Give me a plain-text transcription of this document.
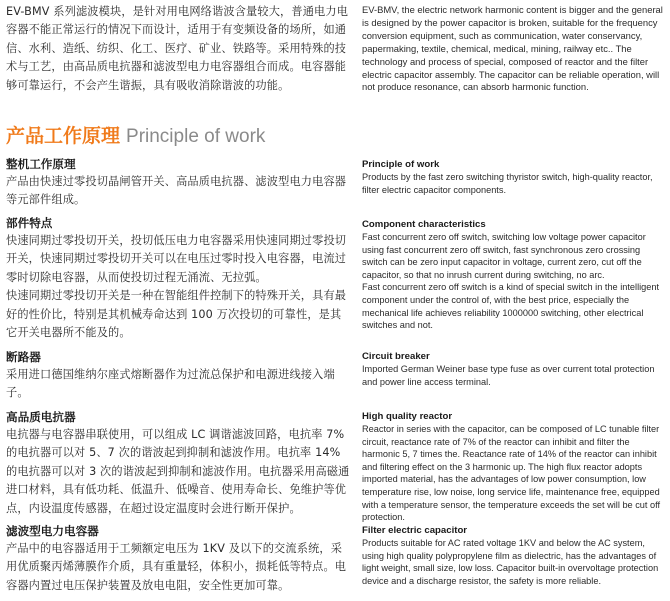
EV-BMV 系列滤波模块，是针对用电网络谐波含量较大，普通电力电容器不能正常运行的情况下而设计，适用于有变频设备的场所，如通信、水利、造纸、纺织、化工、医疗、矿业、铁路等。采用特殊的技术与工艺，由高品质电抗器和滤波型电力电容器组合而成。电容器能够可靠运行，不会产生谐振，具有吸收消除谐波的功能。

EV-BMV, the electric network harmonic content is bigger and the general is designed by the power capacitor is broken, suitable for the frequency conversion equipment, such as communication, water conservancy, papermaking, textile, chemical, medical, mining, railway etc.. The technology and process of special, composed of reactor and the filter electric capacitor assembly. The capacitor can be reliable operation, will not produce resonance, can absorb harmonic function.

产品工作原理 Principle of work

整机工作原理

产品由快速过零投切晶闸管开关、高品质电抗器、滤波型电力电容器等元部件组成。

Principle of work

Products by the fast zero switching thyristor switch, high-quality reactor, filter electric capacitor components.

部件特点

快速同期过零投切开关，投切低压电力电容器采用快速同期过零投切开关，快速同期过零投切开关可以在电压过零时投入电容器，电流过零时切除电容器，从而使投切过程无涌流、无拉弧。

快速同期过零投切开关是一种在智能组件控制下的特殊开关，具有最好的性价比，特别是其机械寿命达到 100 万次投切的可靠性，是其它开关电器所不能及的。

Component characteristics

Fast concurrent zero off switch, switching low voltage power capacitor using fast concurrent zero off switch, fast synchronous zero crossing switch can be zero input capacitor in voltage, current zero, cut off the capacitor, so that no inrush current during switching, no arc.

Fast concurrent zero off switch is a kind of special switch in the intelligent component under the control of, with the best price, especially the mechanical life achieves reliability 1000000 switching, other electrical switches and not.

断路器

采用进口德国维纳尔座式熔断器作为过流总保护和电源进线接入端子。

Circuit breaker

Imported German Weiner base type fuse as over current total protection and power line access terminal.

高品质电抗器

电抗器与电容器串联使用，可以组成 LC 调谐滤波回路，电抗率 7% 的电抗器可以对 5、7 次的谐波起到抑制和滤波作用。电抗率 14% 的电抗器可以对 3 次的谐波起到抑制和滤波作用。电抗器采用高磁通进口材料，具有低功耗、低温升、低噪音、使用寿命长、免维护等优点，内设温度传感器，在超过设定温度时会进行断开保护。

High quality reactor

Reactor in series with the capacitor, can be composed of LC tunable filter circuit, reactance rate of 7% of the reactor can inhibit and filter the harmonic 5, 7 times the. Reactance rate of 14% of the reactor can inhibit and filtering effect on the 3 harmonic up. The high flux reactor adopts imported material, has the advantages of low power consumption, low temperature rise, low noise, long service life, maintenance free, equipped with a temperature sensor, the temperature exceeds the set will be cut off protection.

滤波型电力电容器

产品中的电容器适用于工频额定电压为 1KV 及以下的交流系统，采用优质聚丙烯薄膜作介质，具有重量轻，体积小，损耗低等特点。电容器内置过电压保护装置及放电电阻，安全性更加可靠。

Filter electric capacitor

Products suitable for AC rated voltage 1KV and below the AC system, using high quality polypropylene film as dielectric, has the advantages of light weight, small size, low loss. Capacitor built-in overvoltage protection device and a discharge resistor, the safety is more reliable.
